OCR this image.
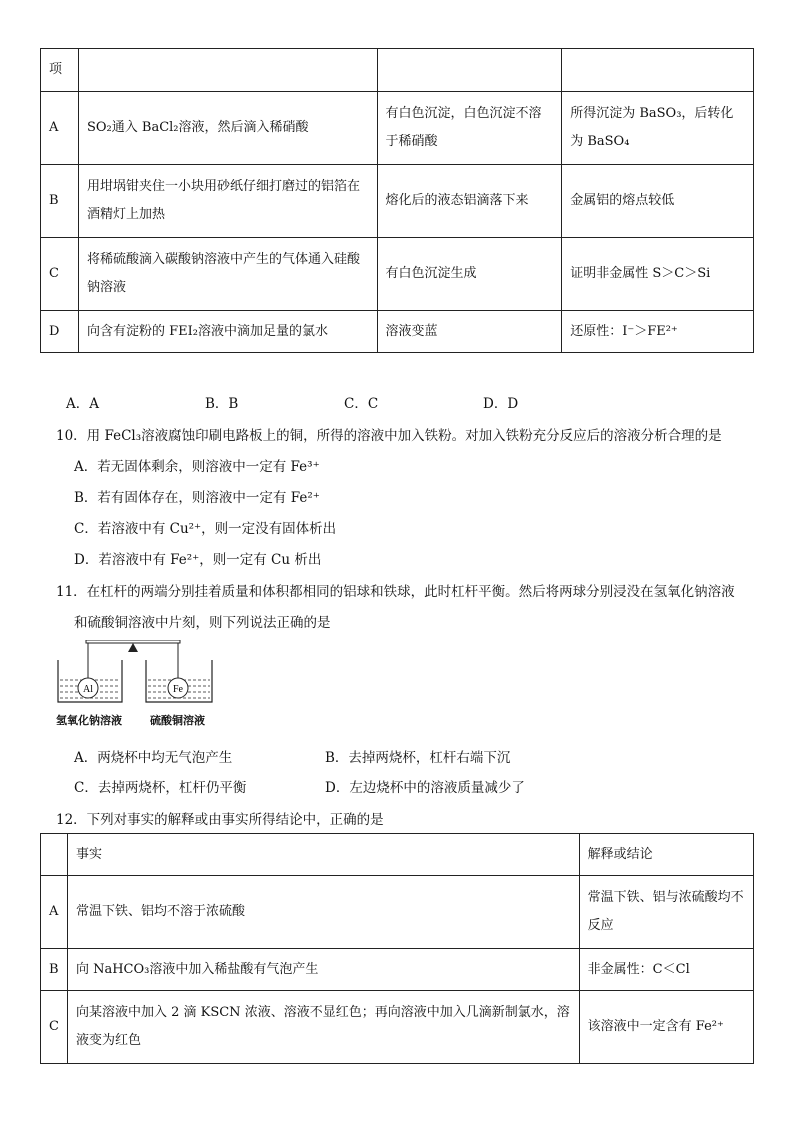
项			
A	SO₂通入 BaCl₂溶液，然后滴入稀硝酸	有白色沉淀，白色沉淀不溶于稀硝酸	所得沉淀为 BaSO₃，后转化为 BaSO₄
B	用坩埚钳夹住一小块用砂纸仔细打磨过的铝箔在酒精灯上加热	熔化后的液态铝滴落下来	金属铝的熔点较低
C	将稀硫酸滴入碳酸钠溶液中产生的气体通入硅酸钠溶液	有白色沉淀生成	证明非金属性 S＞C＞Si
D	向含有淀粉的 FEI₂溶液中滴加足量的氯水	溶液变蓝	还原性：I⁻＞FE²⁺
A．A	B．B	C．C	D．D
10．用 FeCl₃溶液腐蚀印刷电路板上的铜，所得的溶液中加入铁粉。对加入铁粉充分反应后的溶液分析合理的是
A．若无固体剩余，则溶液中一定有 Fe³⁺
B．若有固体存在，则溶液中一定有 Fe²⁺
C．若溶液中有 Cu²⁺，则一定没有固体析出
D．若溶液中有 Fe²⁺，则一定有 Cu 析出
11．在杠杆的两端分别挂着质量和体积都相同的铝球和铁球，此时杠杆平衡。然后将两球分别浸没在氢氧化钠溶液
和硫酸铜溶液中片刻，则下列说法正确的是
Al	Fe
氢氧化钠溶液	硫酸铜溶液
A．两烧杯中均无气泡产生	B．去掉两烧杯，杠杆右端下沉
C．去掉两烧杯，杠杆仍平衡	D．左边烧杯中的溶液质量减少了
12．下列对事实的解释或由事实所得结论中，正确的是
	事实	解释或结论
A	常温下铁、铝均不溶于浓硫酸	常温下铁、铝与浓硫酸均不反应
B	向 NaHCO₃溶液中加入稀盐酸有气泡产生	非金属性：C＜Cl
C	向某溶液中加入 2 滴 KSCN 浓液、溶液不显红色；再向溶液中加入几滴新制氯水，溶液变为红色	该溶液中一定含有 Fe²⁺
